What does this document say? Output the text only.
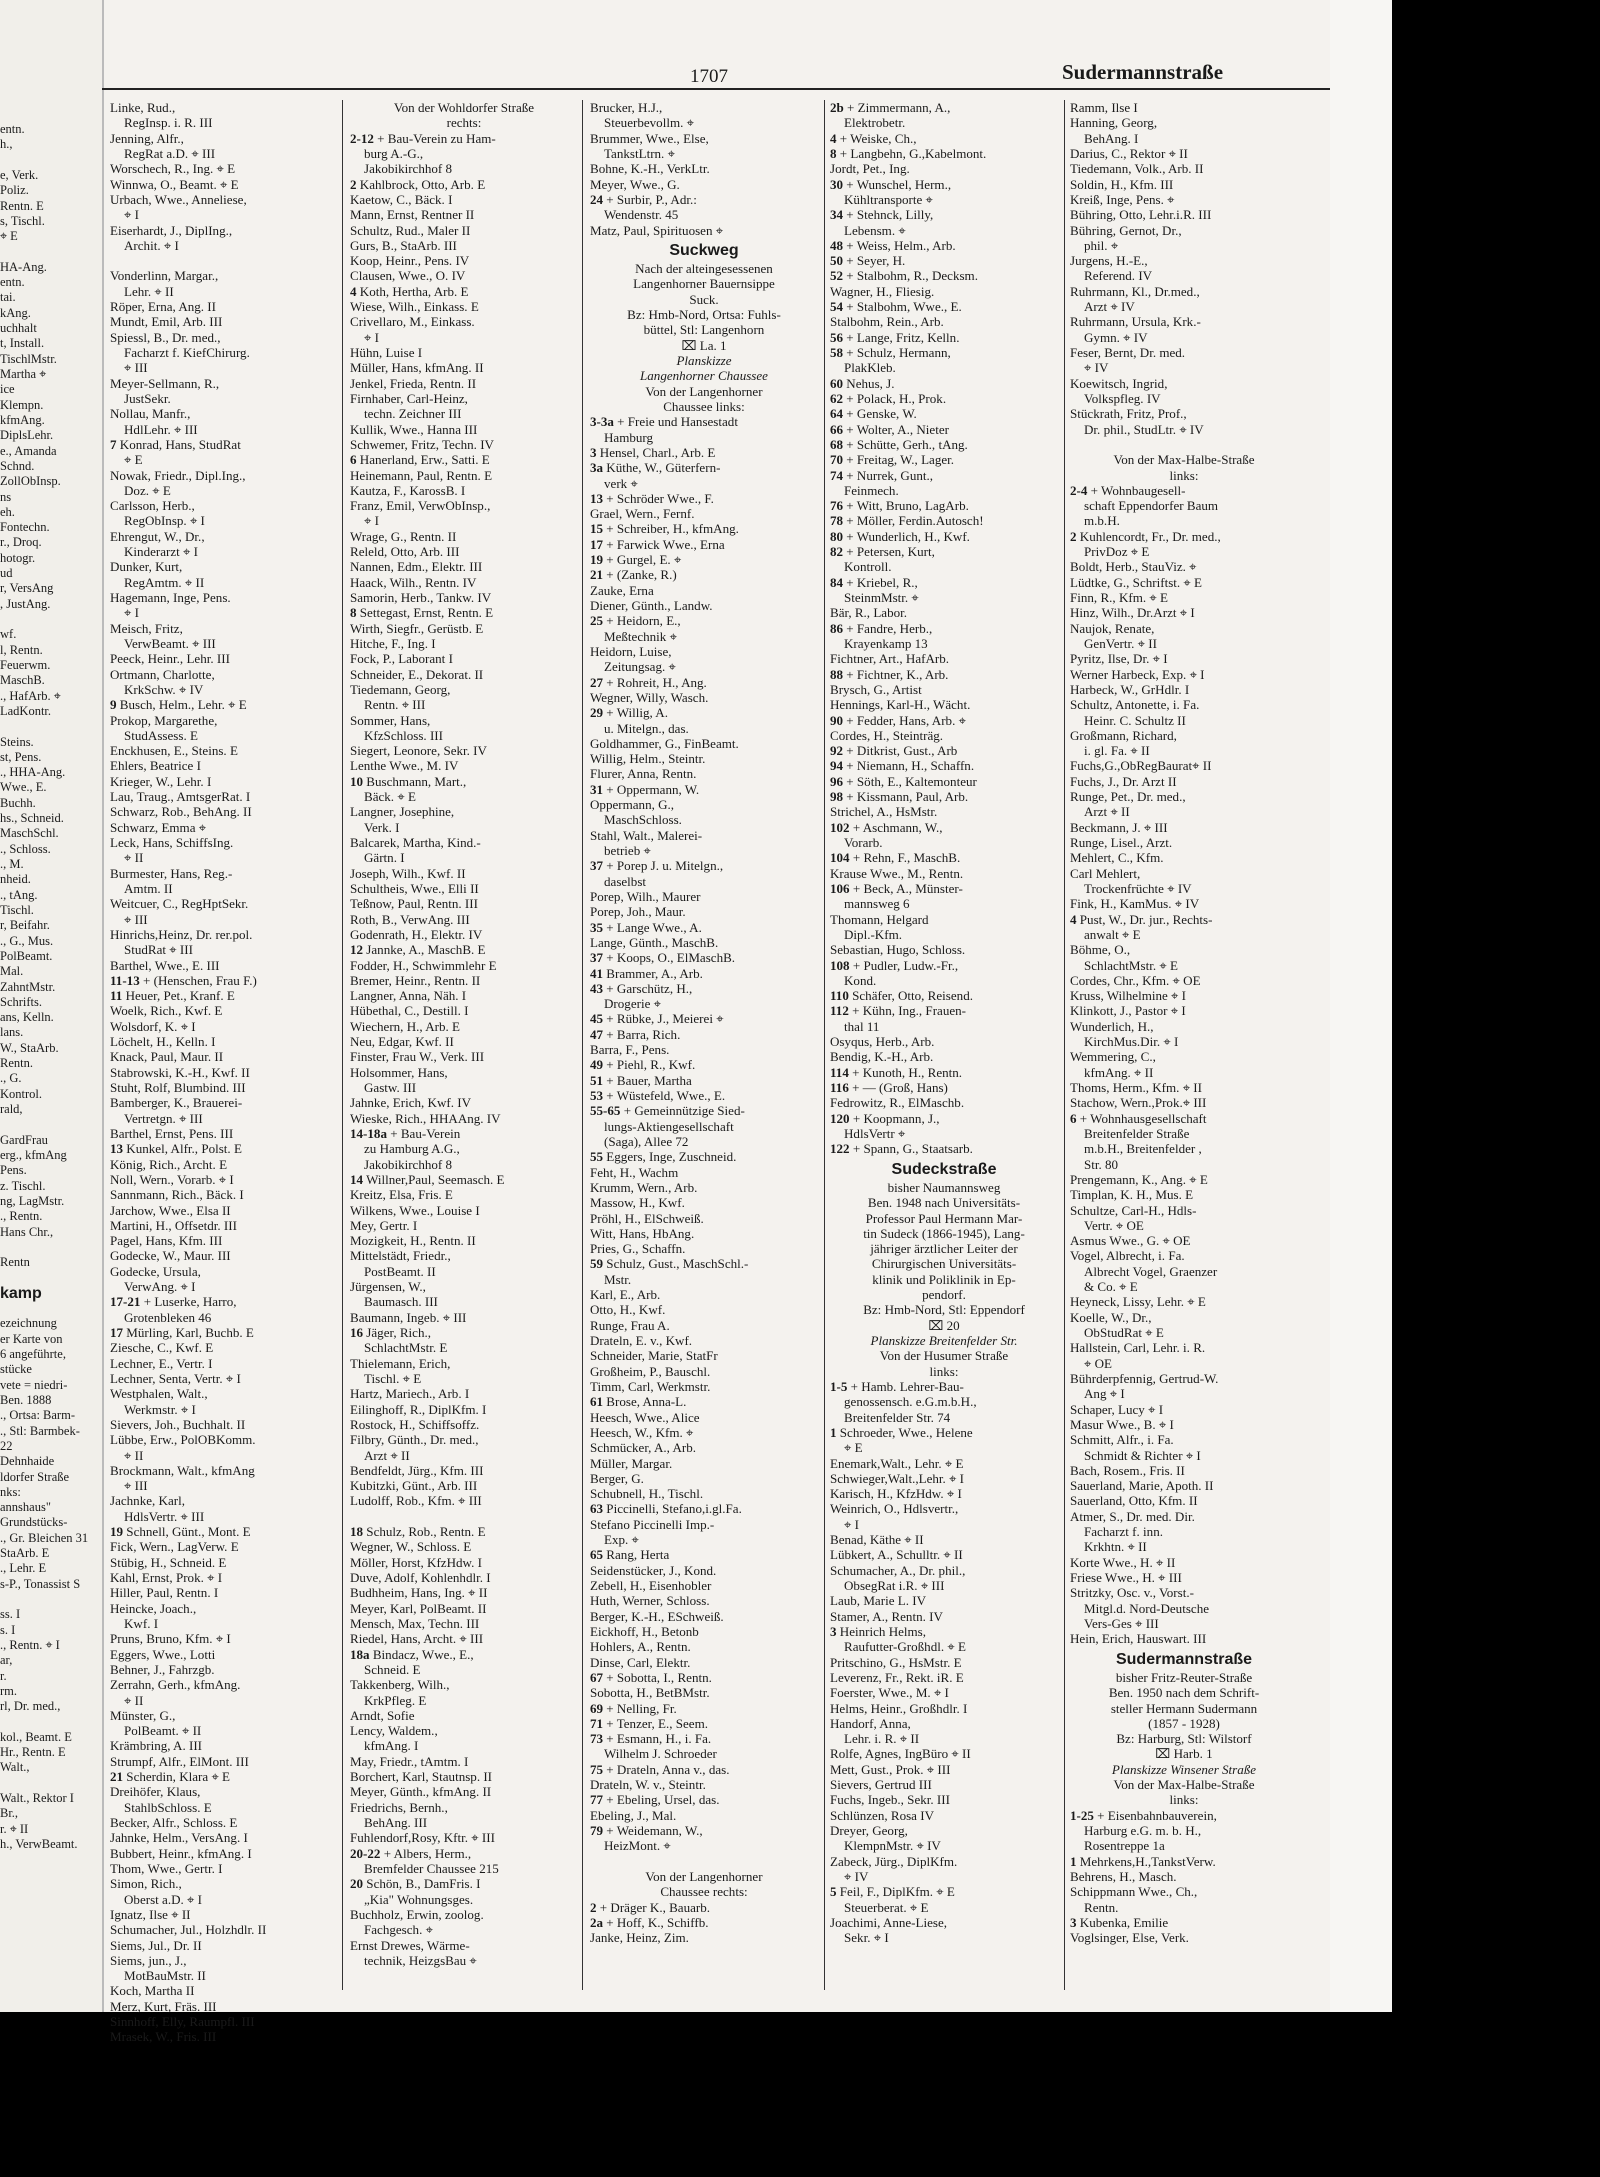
entn.
h.,

e, Verk.
Poliz.
Rentn. E
s, Tischl.
⌖ E

HA-Ang.
entn.
tai.
kAng.
uchhalt
t, Install.
TischlMstr.
Martha ⌖
ice
Klempn.
kfmAng.
DiplsLehr.
e., Amanda
Schnd.
ZollObInsp.
ns
eh.
Fontechn.
r., Droq.
hotogr.
ud
r, VersAng
, JustAng.

wf.
l, Rentn.
Feuerwm.
MaschB.
., HafArb. ⌖
LadKontr.

Steins.
st, Pens.
., HHA-Ang.
Wwe., E.
Buchh.
hs., Schneid.
MaschSchl.
., Schloss.
., M.
nheid.
., tAng.
Tischl.
r, Beifahr.
., G., Mus.
PolBeamt.
Mal.
ZahntMstr.
Schrifts.
ans, Kelln.
lans.
W., StaArb.
Rentn.
., G.
Kontrol.
rald,

GardFrau
erg., kfmAng
Pens.
z. Tischl.
ng, LagMstr.
., Rentn.
Hans Chr.,

Rentn

kamp

ezeichnung
er Karte von
6 angeführte,
stücke
vete = niedri-
Ben. 1888
., Ortsa: Barm-
., Stl: Barmbek-
22
Dehnhaide
ldorfer Straße
nks:
annshaus"
Grundstücks-
., Gr. Bleichen 31
StaArb. E
., Lehr. E
s-P., Tonassist S

ss. I
s. I
., Rentn. ⌖ I
ar,
r.
rm.
rl, Dr. med.,

kol., Beamt. E
Hr., Rentn. E
Walt.,

Walt., Rektor I
Br.,
r. ⌖ II
h., VerwBeamt.
1707	Sudermannstraße
Linke, Rud.,
RegInsp. i. R. III
Jenning, Alfr.,
RegRat a.D. ⌖ III
Worschech, R., Ing. ⌖ E
Winnwa, O., Beamt. ⌖ E
Urbach, Wwe., Anneliese,
⌖ I
Eiserhardt, J., DiplIng.,
Archit. ⌖ I

Vonderlinn, Margar.,
Lehr. ⌖ II
Röper, Erna, Ang. II
Mundt, Emil, Arb. III
Spiessl, B., Dr. med.,
Facharzt f. KiefChirurg.
⌖ III
Meyer-Sellmann, R.,
JustSekr.
Nollau, Manfr.,
HdlLehr. ⌖ III
7 Konrad, Hans, StudRat
⌖ E
Nowak, Friedr., Dipl.Ing.,
Doz. ⌖ E
Carlsson, Herb.,
RegObInsp. ⌖ I
Ehrengut, W., Dr.,
Kinderarzt ⌖ I
Dunker, Kurt,
RegAmtm. ⌖ II
Hagemann, Inge, Pens.
⌖ I
Meisch, Fritz,
VerwBeamt. ⌖ III
Peeck, Heinr., Lehr. III
Ortmann, Charlotte,
KrkSchw. ⌖ IV
9 Busch, Helm., Lehr. ⌖ E
Prokop, Margarethe,
StudAssess. E
Enckhusen, E., Steins. E
Ehlers, Beatrice I
Krieger, W., Lehr. I
Lau, Traug., AmtsgerRat. I
Schwarz, Rob., BehAng. II
Schwarz, Emma ⌖
Leck, Hans, SchiffsIng.
⌖ II
Burmester, Hans, Reg.-
Amtm. II
Weitcuer, C., RegHptSekr.
⌖ III
Hinrichs,Heinz, Dr. rer.pol.
StudRat ⌖ III
Barthel, Wwe., E. III
11-13 + (Henschen, Frau F.)
11 Heuer, Pet., Kranf. E
Woelk, Rich., Kwf. E
Wolsdorf, K. ⌖ I
Löchelt, H., Kelln. I
Knack, Paul, Maur. II
Stabrowski, K.-H., Kwf. II
Stuht, Rolf, Blumbind. III
Bamberger, K., Brauerei-
Vertretgn. ⌖ III
Barthel, Ernst, Pens. III
13 Kunkel, Alfr., Polst. E
König, Rich., Archt. E
Noll, Wern., Vorarb. ⌖ I
Sannmann, Rich., Bäck. I
Jarchow, Wwe., Elsa II
Martini, H., Offsetdr. III
Pagel, Hans, Kfm. III
Godecke, W., Maur. III
Godecke, Ursula,
VerwAng. ⌖ I
17-21 + Luserke, Harro,
Grotenbleken 46
17 Mürling, Karl, Buchb. E
Ziesche, C., Kwf. E
Lechner, E., Vertr. I
Lechner, Senta, Vertr. ⌖ I
Westphalen, Walt.,
Werkmstr. ⌖ I
Sievers, Joh., Buchhalt. II
Lübbe, Erw., PolOBKomm.
⌖ II
Brockmann, Walt., kfmAng
⌖ III
Jachnke, Karl,
HdlsVertr. ⌖ III
19 Schnell, Günt., Mont. E
Fick, Wern., LagVerw. E
Stübig, H., Schneid. E
Kahl, Ernst, Prok. ⌖ I
Hiller, Paul, Rentn. I
Heincke, Joach.,
Kwf. I
Pruns, Bruno, Kfm. ⌖ I
Eggers, Wwe., Lotti
Behner, J., Fahrzgb.
Zerrahn, Gerh., kfmAng.
⌖ II
Münster, G.,
PolBeamt. ⌖ II
Krämbring, A. III
Strumpf, Alfr., ElMont. III
21 Scherdin, Klara ⌖ E
Dreihöfer, Klaus,
StahlbSchloss. E
Becker, Alfr., Schloss. E
Jahnke, Helm., VersAng. I
Bubbert, Heinr., kfmAng. I
Thom, Wwe., Gertr. I
Simon, Rich.,
Oberst a.D. ⌖ I
Ignatz, Ilse ⌖ II
Schumacher, Jul., Holzhdlr. II
Siems, Jul., Dr. II
Siems, jun., J.,
MotBauMstr. II
Koch, Martha II
Merz, Kurt, Fräs. III
Sinnhoff, Elly, Raumpfl. III
Mrasek, W., Fris. III
Von der Wohldorfer Straße
rechts:
2-12 + Bau-Verein zu Ham-
burg A.-G.,
Jakobikirchhof 8
2 Kahlbrock, Otto, Arb. E
Kaetow, C., Bäck. I
Mann, Ernst, Rentner II
Schultz, Rud., Maler II
Gurs, B., StaArb. III
Koop, Heinr., Pens. IV
Clausen, Wwe., O. IV
4 Koth, Hertha, Arb. E
Wiese, Wilh., Einkass. E
Crivellaro, M., Einkass.
⌖ I
Hühn, Luise I
Müller, Hans, kfmAng. II
Jenkel, Frieda, Rentn. II
Firnhaber, Carl-Heinz,
techn. Zeichner III
Kullik, Wwe., Hanna III
Schwemer, Fritz, Techn. IV
6 Hanerland, Erw., Satti. E
Heinemann, Paul, Rentn. E
Kautza, F., KarossB. I
Franz, Emil, VerwObInsp.,
⌖ I
Wrage, G., Rentn. II
Releld, Otto, Arb. III
Nannen, Edm., Elektr. III
Haack, Wilh., Rentn. IV
Samorin, Herb., Tankw. IV
8 Settegast, Ernst, Rentn. E
Wirth, Siegfr., Gerüstb. E
Hitche, F., Ing. I
Fock, P., Laborant I
Schneider, E., Dekorat. II
Tiedemann, Georg,
Rentn. ⌖ III
Sommer, Hans,
KfzSchloss. III
Siegert, Leonore, Sekr. IV
Lenthe Wwe., M. IV
10 Buschmann, Mart.,
Bäck. ⌖ E
Langner, Josephine,
Verk. I
Balcarek, Martha, Kind.-
Gärtn. I
Joseph, Wilh., Kwf. II
Schultheis, Wwe., Elli II
Teßnow, Paul, Rentn. III
Roth, B., VerwAng. III
Godenrath, H., Elektr. IV
12 Jannke, A., MaschB. E
Fodder, H., Schwimmlehr E
Bremer, Heinr., Rentn. II
Langner, Anna, Näh. I
Hübethal, C., Destill. I
Wiechern, H., Arb. E
Neu, Edgar, Kwf. II
Finster, Frau W., Verk. III
Holsommer, Hans,
Gastw. III
Jahnke, Erich, Kwf. IV
Wieske, Rich., HHAAng. IV
14-18a + Bau-Verein
zu Hamburg A.G.,
Jakobikirchhof 8
14 Willner,Paul, Seemasch. E
Kreitz, Elsa, Fris. E
Wilkens, Wwe., Louise I
Mey, Gertr. I
Mozigkeit, H., Rentn. II
Mittelstädt, Friedr.,
PostBeamt. II
Jürgensen, W.,
Baumasch. III
Baumann, Ingeb. ⌖ III
16 Jäger, Rich.,
SchlachtMstr. E
Thielemann, Erich,
Tischl. ⌖ E
Hartz, Mariech., Arb. I
Eilinghoff, R., DiplKfm. I
Rostock, H., Schiffsoffz.
Filbry, Günth., Dr. med.,
Arzt ⌖ II
Bendfeldt, Jürg., Kfm. III
Kubitzki, Günt., Arb. III
Ludolff, Rob., Kfm. ⌖ III

18 Schulz, Rob., Rentn. E
Wegner, W., Schloss. E
Möller, Horst, KfzHdw. I
Duve, Adolf, Kohlenhdlr. I
Budhheim, Hans, Ing. ⌖ II
Meyer, Karl, PolBeamt. II
Mensch, Max, Techn. III
Riedel, Hans, Archt. ⌖ III
18a Bindacz, Wwe., E.,
Schneid. E
Takkenberg, Wilh.,
KrkPfleg. E
Arndt, Sofie
Lency, Waldem.,
kfmAng. I
May, Friedr., tAmtm. I
Borchert, Karl, Stautnsp. II
Meyer, Günth., kfmAng. II
Friedrichs, Bernh.,
BehAng. III
Fuhlendorf,Rosy, Kftr. ⌖ III
20-22 + Albers, Herm.,
Bremfelder Chaussee 215
20 Schön, B., DamFris. I
„Kia" Wohnungsges.
Buchholz, Erwin, zoolog.
Fachgesch. ⌖
Ernst Drewes, Wärme-
technik, HeizgsBau ⌖
Brucker, H.J.,
Steuerbevollm. ⌖
Brummer, Wwe., Else,
TankstLtrn. ⌖
Bohne, K.-H., VerkLtr.
Meyer, Wwe., G.
24 + Surbir, P., Adr.:
Wendenstr. 45
Matz, Paul, Spirituosen ⌖
Suckweg
Nach der alteingesessenen
Langenhorner Bauernsippe
Suck.
Bz: Hmb-Nord, Ortsa: Fuhls-
büttel, Stl: Langenhorn
⌧ La. 1
Planskizze
Langenhorner Chaussee
Von der Langenhorner
Chaussee links:
3-3a + Freie und Hansestadt
Hamburg
3 Hensel, Charl., Arb. E
3a Küthe, W., Güterfern-
verk ⌖
13 + Schröder Wwe., F.
Grael, Wern., Fernf.
15 + Schreiber, H., kfmAng.
17 + Farwick Wwe., Erna
19 + Gurgel, E. ⌖
21 + (Zanke, R.)
Zauke, Erna
Diener, Günth., Landw.
25 + Heidorn, E.,
Meßtechnik ⌖
Heidorn, Luise,
Zeitungsag. ⌖
27 + Rohreit, H., Ang.
Wegner, Willy, Wasch.
29 + Willig, A.
u. Mitelgn., das.
Goldhammer, G., FinBeamt.
Willig, Helm., Steintr.
Flurer, Anna, Rentn.
31 + Oppermann, W.
Oppermann, G.,
MaschSchloss.
Stahl, Walt., Malerei-
betrieb ⌖
37 + Porep J. u. Mitelgn.,
daselbst
Porep, Wilh., Maurer
Porep, Joh., Maur.
35 + Lange Wwe., A.
Lange, Günth., MaschB.
37 + Koops, O., ElMaschB.
41 Brammer, A., Arb.
43 + Garschütz, H.,
Drogerie ⌖
45 + Rübke, J., Meierei ⌖
47 + Barra, Rich.
Barra, F., Pens.
49 + Piehl, R., Kwf.
51 + Bauer, Martha
53 + Wüstefeld, Wwe., E.
55-65 + Gemeinnützige Sied-
lungs-Aktiengesellschaft
(Saga), Allee 72
55 Eggers, Inge, Zuschneid.
Feht, H., Wachm
Krumm, Wern., Arb.
Massow, H., Kwf.
Pröhl, H., ElSchweiß.
Witt, Hans, HbAng.
Pries, G., Schaffn.
59 Schulz, Gust., MaschSchl.-
Mstr.
Karl, E., Arb.
Otto, H., Kwf.
Runge, Frau A.
Drateln, E. v., Kwf.
Schneider, Marie, StatFr
Großheim, P., Bauschl.
Timm, Carl, Werkmstr.
61 Brose, Anna-L.
Heesch, Wwe., Alice
Heesch, W., Kfm. ⌖
Schmücker, A., Arb.
Müller, Margar.
Berger, G.
Schubnell, H., Tischl.
63 Piccinelli, Stefano,i.gl.Fa.
Stefano Piccinelli Imp.-
Exp. ⌖
65 Rang, Herta
Seidenstücker, J., Kond.
Zebell, H., Eisenhobler
Huth, Werner, Schloss.
Berger, K.-H., ESchweiß.
Eickhoff, H., Betonb
Hohlers, A., Rentn.
Dinse, Carl, Elektr.
67 + Sobotta, I., Rentn.
Sobotta, H., BetBMstr.
69 + Nelling, Fr.
71 + Tenzer, E., Seem.
73 + Esmann, H., i. Fa.
Wilhelm J. Schroeder
75 + Drateln, Anna v., das.
Drateln, W. v., Steintr.
77 + Ebeling, Ursel, das.
Ebeling, J., Mal.
79 + Weidemann, W.,
HeizMont. ⌖

Von der Langenhorner
Chaussee rechts:
2 + Dräger K., Bauarb.
2a + Hoff, K., Schiffb.
Janke, Heinz, Zim.
2b + Zimmermann, A.,
Elektrobetr.
4 + Weiske, Ch.,
8 + Langbehn, G.,Kabelmont.
Jordt, Pet., Ing.
30 + Wunschel, Herm.,
Kühltransporte ⌖
34 + Stehnck, Lilly,
Lebensm. ⌖
48 + Weiss, Helm., Arb.
50 + Seyer, H.
52 + Stalbohm, R., Decksm.
Wagner, H., Fliesig.
54 + Stalbohm, Wwe., E.
Stalbohm, Rein., Arb.
56 + Lange, Fritz, Kelln.
58 + Schulz, Hermann,
PlakKleb.
60 Nehus, J.
62 + Polack, H., Prok.
64 + Genske, W.
66 + Wolter, A., Nieter
68 + Schütte, Gerh., tAng.
70 + Freitag, W., Lager.
74 + Nurrek, Gunt.,
Feinmech.
76 + Witt, Bruno, LagArb.
78 + Möller, Ferdin.Autosch!
80 + Wunderlich, H., Kwf.
82 + Petersen, Kurt,
Kontroll.
84 + Kriebel, R.,
SteinmMstr. ⌖
Bär, R., Labor.
86 + Fandre, Herb.,
Krayenkamp 13
Fichtner, Art., HafArb.
88 + Fichtner, K., Arb.
Brysch, G., Artist
Hennings, Karl-H., Wächt.
90 + Fedder, Hans, Arb. ⌖
Cordes, H., Steinträg.
92 + Ditkrist, Gust., Arb
94 + Niemann, H., Schaffn.
96 + Söth, E., Kaltemonteur
98 + Kissmann, Paul, Arb.
Strichel, A., HsMstr.
102 + Aschmann, W.,
Vorarb.
104 + Rehn, F., MaschB.
Krause Wwe., M., Rentn.
106 + Beck, A., Münster-
mannsweg 6
Thomann, Helgard
Dipl.-Kfm.
Sebastian, Hugo, Schloss.
108 + Pudler, Ludw.-Fr.,
Kond.
110 Schäfer, Otto, Reisend.
112 + Kühn, Ing., Frauen-
thal 11
Osyqus, Herb., Arb.
Bendig, K.-H., Arb.
114 + Kunoth, H., Rentn.
116 + — (Groß, Hans)
Fedrowitz, R., ElMaschb.
120 + Koopmann, J.,
HdlsVertr ⌖
122 + Spann, G., Staatsarb.
Sudeckstraße
bisher Naumannsweg
Ben. 1948 nach Universitäts-
Professor Paul Hermann Mar-
tin Sudeck (1866-1945), Lang-
jähriger ärztlicher Leiter der
Chirurgischen Universitäts-
klinik und Poliklinik in Ep-
pendorf.
Bz: Hmb-Nord, Stl: Eppendorf
⌧ 20
Planskizze Breitenfelder Str.
Von der Husumer Straße
links:
1-5 + Hamb. Lehrer-Bau-
genossensch. e.G.m.b.H.,
Breitenfelder Str. 74
1 Schroeder, Wwe., Helene
⌖ E
Enemark,Walt., Lehr. ⌖ E
Schwieger,Walt.,Lehr. ⌖ I
Karisch, H., KfzHdw. ⌖ I
Weinrich, O., Hdlsvertr.,
⌖ I
Benad, Käthe ⌖ II
Lübkert, A., Schulltr. ⌖ II
Schumacher, A., Dr. phil.,
ObsegRat i.R. ⌖ III
Laub, Marie L. IV
Stamer, A., Rentn. IV
3 Heinrich Helms,
Raufutter-Großhdl. ⌖ E
Pritschino, G., HsMstr. E
Leverenz, Fr., Rekt. iR. E
Foerster, Wwe., M. ⌖ I
Helms, Heinr., Großhdlr. I
Handorf, Anna,
Lehr. i. R. ⌖ II
Rolfe, Agnes, IngBüro ⌖ II
Mett, Gust., Prok. ⌖ III
Sievers, Gertrud III
Fuchs, Ingeb., Sekr. III
Schlünzen, Rosa IV
Dreyer, Georg,
KlempnMstr. ⌖ IV
Zabeck, Jürg., DiplKfm.
⌖ IV
5 Feil, F., DiplKfm. ⌖ E
Steuerberat. ⌖ E
Joachimi, Anne-Liese,
Sekr. ⌖ I
Ramm, Ilse I
Hanning, Georg,
BehAng. I
Darius, C., Rektor ⌖ II
Tiedemann, Volk., Arb. II
Soldin, H., Kfm. III
Kreiß, Inge, Pens. ⌖
Bühring, Otto, Lehr.i.R. III
Bühring, Gernot, Dr.,
phil. ⌖
Jurgens, H.-E.,
Referend. IV
Ruhrmann, Kl., Dr.med.,
Arzt ⌖ IV
Ruhrmann, Ursula, Krk.-
Gymn. ⌖ IV
Feser, Bernt, Dr. med.
⌖ IV
Koewitsch, Ingrid,
Volkspfleg. IV
Stückrath, Fritz, Prof.,
Dr. phil., StudLtr. ⌖ IV

Von der Max-Halbe-Straße
links:
2-4 + Wohnbaugesell-
schaft Eppendorfer Baum
m.b.H.
2 Kuhlencordt, Fr., Dr. med.,
PrivDoz ⌖ E
Boldt, Herb., StauViz. ⌖
Lüdtke, G., Schriftst. ⌖ E
Finn, R., Kfm. ⌖ E
Hinz, Wilh., Dr.Arzt ⌖ I
Naujok, Renate,
GenVertr. ⌖ II
Pyritz, Ilse, Dr. ⌖ I
Werner Harbeck, Exp. ⌖ I
Harbeck, W., GrHdlr. I
Schultz, Antonette, i. Fa.
Heinr. C. Schultz II
Großmann, Richard,
i. gl. Fa. ⌖ II
Fuchs,G.,ObRegBaurat⌖ II
Fuchs, J., Dr. Arzt II
Runge, Pet., Dr. med.,
Arzt ⌖ II
Beckmann, J. ⌖ III
Runge, Lisel., Arzt.
Mehlert, C., Kfm.
Carl Mehlert,
Trockenfrüchte ⌖ IV
Fink, H., KamMus. ⌖ IV
4 Pust, W., Dr. jur., Rechts-
anwalt ⌖ E
Böhme, O.,
SchlachtMstr. ⌖ E
Cordes, Chr., Kfm. ⌖ OE
Kruss, Wilhelmine ⌖ I
Klinkott, J., Pastor ⌖ I
Wunderlich, H.,
KirchMus.Dir. ⌖ I
Wemmering, C.,
kfmAng. ⌖ II
Thoms, Herm., Kfm. ⌖ II
Stachow, Wern.,Prok.⌖ III
6 + Wohnhausgesellschaft
Breitenfelder Straße
m.b.H., Breitenfelder ,
Str. 80
Prengemann, K., Ang. ⌖ E
Timplan, K. H., Mus. E
Schultze, Carl-H., Hdls-
Vertr. ⌖ OE
Asmus Wwe., G. ⌖ OE
Vogel, Albrecht, i. Fa.
Albrecht Vogel, Graenzer
& Co. ⌖ E
Heyneck, Lissy, Lehr. ⌖ E
Koelle, W., Dr.,
ObStudRat ⌖ E
Hallstein, Carl, Lehr. i. R.
⌖ OE
Bührderpfennig, Gertrud-W.
Ang ⌖ I
Schaper, Lucy ⌖ I
Masur Wwe., B. ⌖ I
Schmitt, Alfr., i. Fa.
Schmidt & Richter ⌖ I
Bach, Rosem., Fris. II
Sauerland, Marie, Apoth. II
Sauerland, Otto, Kfm. II
Atmer, S., Dr. med. Dir.
Facharzt f. inn.
Krkhtn. ⌖ II
Korte Wwe., H. ⌖ II
Friese Wwe., H. ⌖ III
Stritzky, Osc. v., Vorst.-
Mitgl.d. Nord-Deutsche
Vers-Ges ⌖ III
Hein, Erich, Hauswart. III
Sudermannstraße
bisher Fritz-Reuter-Straße
Ben. 1950 nach dem Schrift-
steller Hermann Sudermann
(1857 - 1928)
Bz: Harburg, Stl: Wilstorf
⌧ Harb. 1
Planskizze Winsener Straße
Von der Max-Halbe-Straße
links:
1-25 + Eisenbahnbauverein,
Harburg e.G. m. b. H.,
Rosentreppe 1a
1 Mehrkens,H.,TankstVerw.
Behrens, H., Masch.
Schippmann Wwe., Ch.,
Rentn.
3 Kubenka, Emilie
Voglsinger, Else, Verk.
